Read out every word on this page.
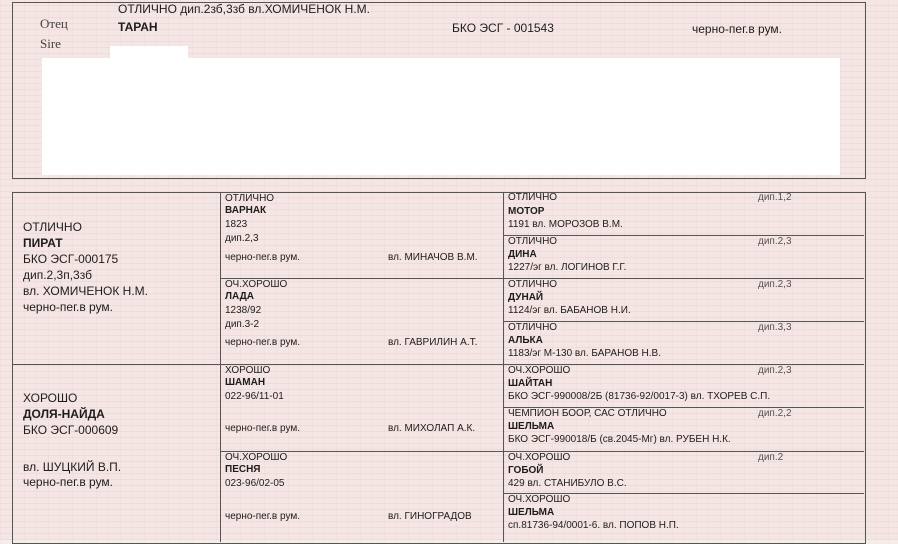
Отец
Sire
ОТЛИЧНО дип.2зб,3зб вл.ХОМИЧЕНОК Н.М.
ТАРАН	БКО ЭСГ - 001543	черно-пег.в рум.
ОТЛИЧНО
ПИРАТ
БКО ЭСГ-000175
дип.2,3п,3зб
вл. ХОМИЧЕНОК Н.М.
черно-пег.в рум.
ХОРОШО
ДОЛЯ-НАЙДА
БКО ЭСГ-000609
вл. ШУЦКИЙ В.П.
черно-пег.в рум.
ОТЛИЧНО
ВАРНАК
1823
дип.2,3
черно-пег.в рум.	вл. МИНАЧОВ В.М.
ОЧ.ХОРОШО
ЛАДА
1238/92
дип.3-2
черно-пег.в рум.	вл. ГАВРИЛИН А.Т.
ХОРОШО
ШАМАН
022-96/11-01
черно-пег.в рум.	вл. МИХОЛАП А.К.
ОЧ.ХОРОШО
ПЕСНЯ
023-96/02-05
черно-пег.в рум.	вл. ГИНОГРАДОВ
ОТЛИЧНО	дип.1,2
МОТОР
1191 вл. МОРОЗОВ В.М.
ОТЛИЧНО	дип.2,3
ДИНА
1227/эг вл. ЛОГИНОВ Г.Г.
ОТЛИЧНО	дип.2,3
ДУНАЙ
1124/эг вл. БАБАНОВ Н.И.
ОТЛИЧНО	дип.3,3
АЛЬКА
1183/эг М-130 вл. БАРАНОВ Н.В.
ОЧ.ХОРОШО	дип.2,3
ШАЙТАН
БКО ЭСГ-990008/2Б (81736-92/0017-3) вл. ТХОРЕВ С.П.
ЧЕМПИОН БООР, САС ОТЛИЧНО	дип.2,2
ШЕЛЬМА
БКО ЭСГ-990018/Б (св.2045-Мг) вл. РУБЕН Н.К.
ОЧ.ХОРОШО	дип.2
ГОБОЙ
429 вл. СТАНИБУЛО В.С.
ОЧ.ХОРОШО
ШЕЛЬМА
сп.81736-94/0001-6. вл. ПОПОВ Н.П.
